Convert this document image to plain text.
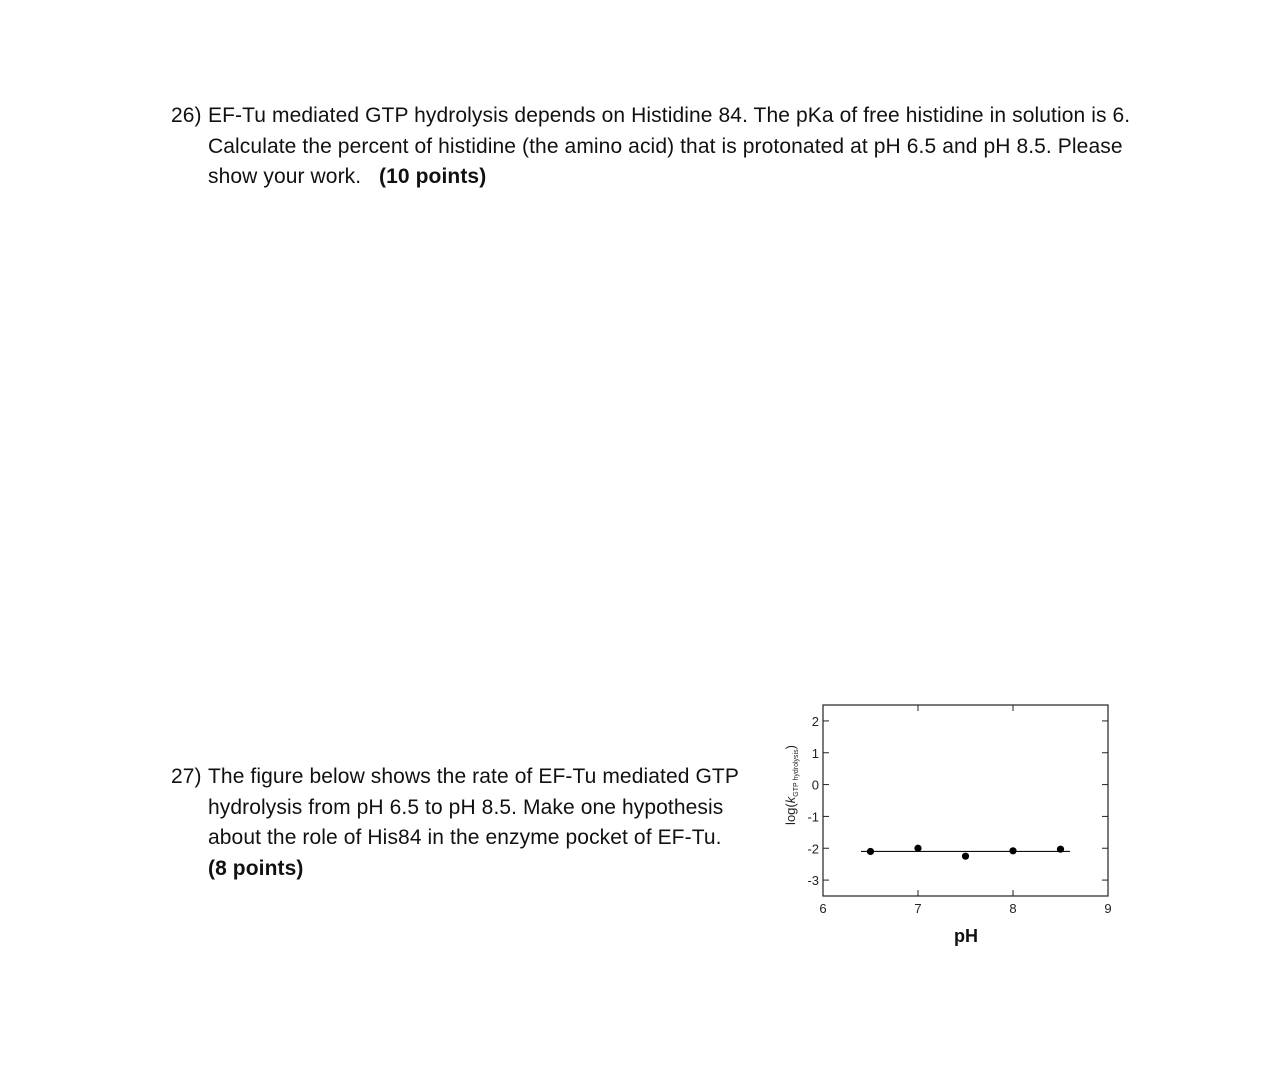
26) EF-Tu mediated GTP hydrolysis depends on Histidine 84. The pKa of free histidine in solution is 6. Calculate the percent of histidine (the amino acid) that is protonated at pH 6.5 and pH 8.5. Please show your work. (10 points)
27) The figure below shows the rate of EF-Tu mediated GTP hydrolysis from pH 6.5 to pH 8.5. Make one hypothesis about the role of His84 in the enzyme pocket of EF-Tu.   (8 points)
6	7	8	9
2
1
0
-1
-2
-3
pH
$\log(k_{GTP hydrolysis})$
